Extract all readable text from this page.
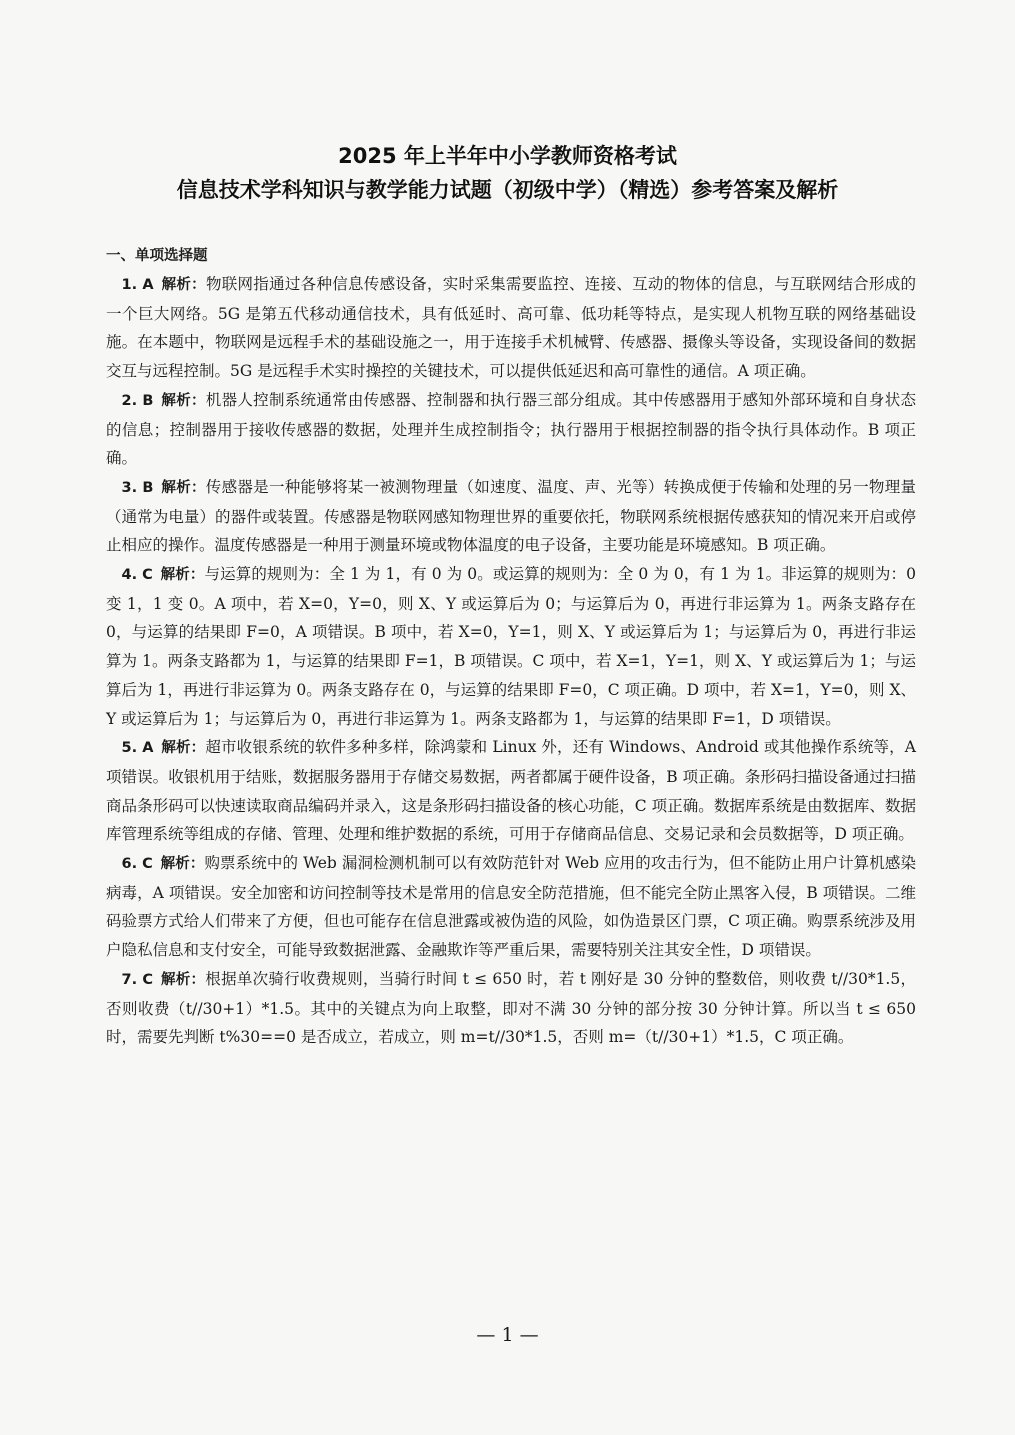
2025 年上半年中小学教师资格考试
信息技术学科知识与教学能力试题（初级中学）（精选）参考答案及解析
一、单项选择题

 1. A  解析：物联网指通过各种信息传感设备，实时采集需要监控、连接、互动的物体的信息，与互联网结合形成的一个巨大网络。5G 是第五代移动通信技术，具有低延时、高可靠、低功耗等特点，是实现人机物互联的网络基础设施。在本题中，物联网是远程手术的基础设施之一，用于连接手术机械臂、传感器、摄像头等设备，实现设备间的数据交互与远程控制。5G 是远程手术实时操控的关键技术，可以提供低延迟和高可靠性的通信。A 项正确。

 2. B  解析：机器人控制系统通常由传感器、控制器和执行器三部分组成。其中传感器用于感知外部环境和自身状态的信息；控制器用于接收传感器的数据，处理并生成控制指令；执行器用于根据控制器的指令执行具体动作。B 项正确。

 3. B  解析：传感器是一种能够将某一被测物理量（如速度、温度、声、光等）转换成便于传输和处理的另一物理量（通常为电量）的器件或装置。传感器是物联网感知物理世界的重要依托，物联网系统根据传感获知的情况来开启或停止相应的操作。温度传感器是一种用于测量环境或物体温度的电子设备，主要功能是环境感知。B 项正确。

 4. C  解析：与运算的规则为：全 1 为 1，有 0 为 0。或运算的规则为：全 0 为 0，有 1 为 1。非运算的规则为：0 变 1，1 变 0。A 项中，若 X=0，Y=0，则 X、Y 或运算后为 0；与运算后为 0，再进行非运算为 1。两条支路存在 0，与运算的结果即 F=0，A 项错误。B 项中，若 X=0，Y=1，则 X、Y 或运算后为 1；与运算后为 0，再进行非运算为 1。两条支路都为 1，与运算的结果即 F=1，B 项错误。C 项中，若 X=1，Y=1，则 X、Y 或运算后为 1；与运算后为 1，再进行非运算为 0。两条支路存在 0，与运算的结果即 F=0，C 项正确。D 项中，若 X=1，Y=0，则 X、Y 或运算后为 1；与运算后为 0，再进行非运算为 1。两条支路都为 1，与运算的结果即 F=1，D 项错误。

 5. A  解析：超市收银系统的软件多种多样，除鸿蒙和 Linux 外，还有 Windows、Android 或其他操作系统等，A 项错误。收银机用于结账，数据服务器用于存储交易数据，两者都属于硬件设备，B 项正确。条形码扫描设备通过扫描商品条形码可以快速读取商品编码并录入，这是条形码扫描设备的核心功能，C 项正确。数据库系统是由数据库、数据库管理系统等组成的存储、管理、处理和维护数据的系统，可用于存储商品信息、交易记录和会员数据等，D 项正确。

 6. C  解析：购票系统中的 Web 漏洞检测机制可以有效防范针对 Web 应用的攻击行为，但不能防止用户计算机感染病毒，A 项错误。安全加密和访问控制等技术是常用的信息安全防范措施，但不能完全防止黑客入侵，B 项错误。二维码验票方式给人们带来了方便，但也可能存在信息泄露或被伪造的风险，如伪造景区门票，C 项正确。购票系统涉及用户隐私信息和支付安全，可能导致数据泄露、金融欺诈等严重后果，需要特别关注其安全性，D 项错误。

 7. C  解析：根据单次骑行收费规则，当骑行时间 t ≤ 650 时，若 t 刚好是 30 分钟的整数倍，则收费 t//30*1.5，否则收费（t//30+1）*1.5。其中的关键点为向上取整，即对不满 30 分钟的部分按 30 分钟计算。所以当 t ≤ 650 时，需要先判断 t%30==0 是否成立，若成立，则 m=t//30*1.5，否则 m=（t//30+1）*1.5，C 项正确。

— 1 —
